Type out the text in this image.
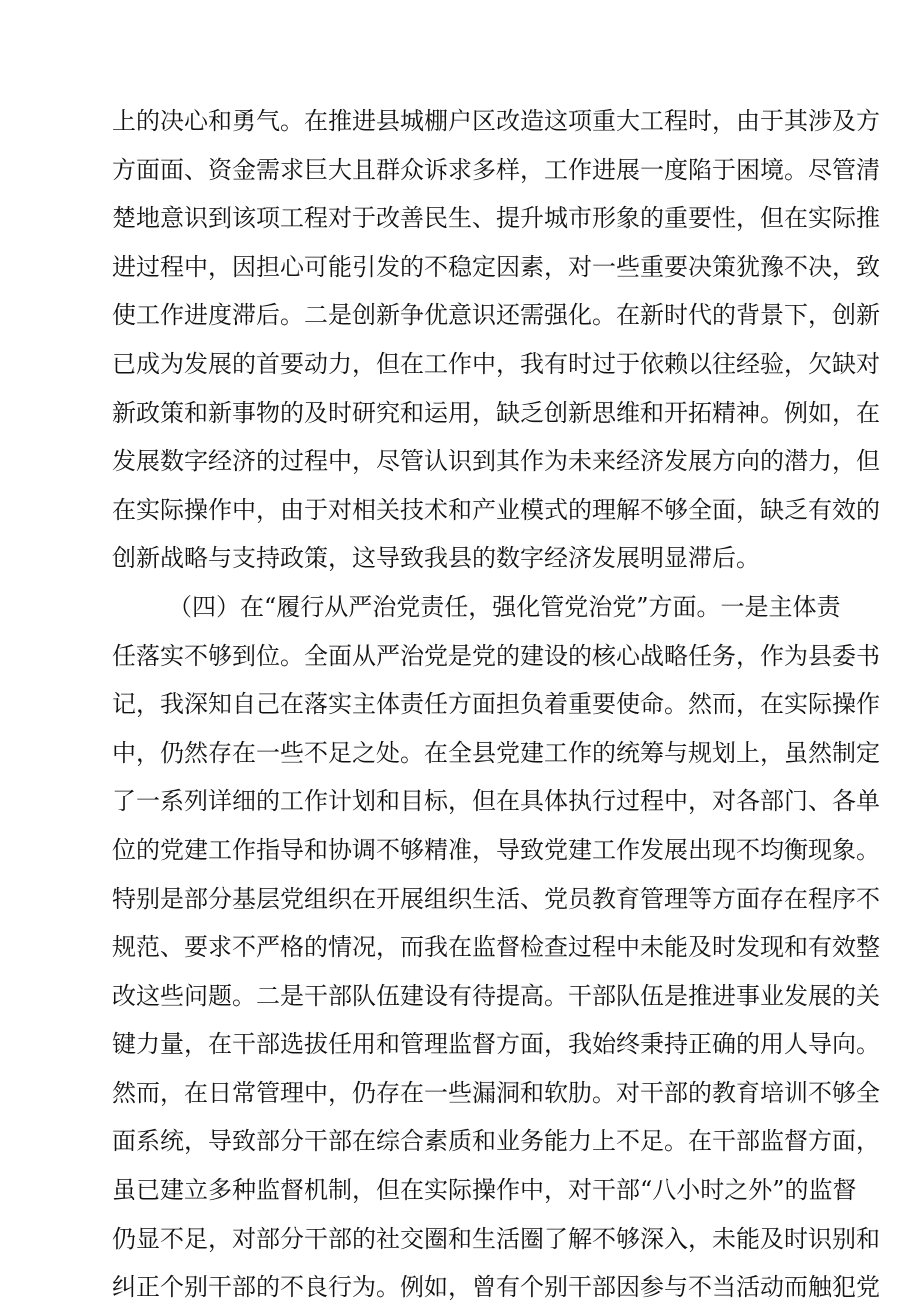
上的决心和勇气。在推进县城棚户区改造这项重大工程时，由于其涉及方
方面面、资金需求巨大且群众诉求多样，工作进展一度陷于困境。尽管清
楚地意识到该项工程对于改善民生、提升城市形象的重要性，但在实际推
进过程中，因担心可能引发的不稳定因素，对一些重要决策犹豫不决，致
使工作进度滞后。二是创新争优意识还需强化。在新时代的背景下，创新
已成为发展的首要动力，但在工作中，我有时过于依赖以往经验，欠缺对
新政策和新事物的及时研究和运用，缺乏创新思维和开拓精神。例如，在
发展数字经济的过程中，尽管认识到其作为未来经济发展方向的潜力，但
在实际操作中，由于对相关技术和产业模式的理解不够全面，缺乏有效的
创新战略与支持政策，这导致我县的数字经济发展明显滞后。
（四）在“履行从严治党责任，强化管党治党”方面。一是主体责
任落实不够到位。全面从严治党是党的建设的核心战略任务，作为县委书
记，我深知自己在落实主体责任方面担负着重要使命。然而，在实际操作
中，仍然存在一些不足之处。在全县党建工作的统筹与规划上，虽然制定
了一系列详细的工作计划和目标，但在具体执行过程中，对各部门、各单
位的党建工作指导和协调不够精准，导致党建工作发展出现不均衡现象。
特别是部分基层党组织在开展组织生活、党员教育管理等方面存在程序不
规范、要求不严格的情况，而我在监督检查过程中未能及时发现和有效整
改这些问题。二是干部队伍建设有待提高。干部队伍是推进事业发展的关
键力量，在干部选拔任用和管理监督方面，我始终秉持正确的用人导向。
然而，在日常管理中，仍存在一些漏洞和软肋。对干部的教育培训不够全
面系统，导致部分干部在综合素质和业务能力上不足。在干部监督方面，
虽已建立多种监督机制，但在实际操作中，对干部“八小时之外”的监督
仍显不足，对部分干部的社交圈和生活圈了解不够深入，未能及时识别和
纠正个别干部的不良行为。例如，曾有个别干部因参与不当活动而触犯党
